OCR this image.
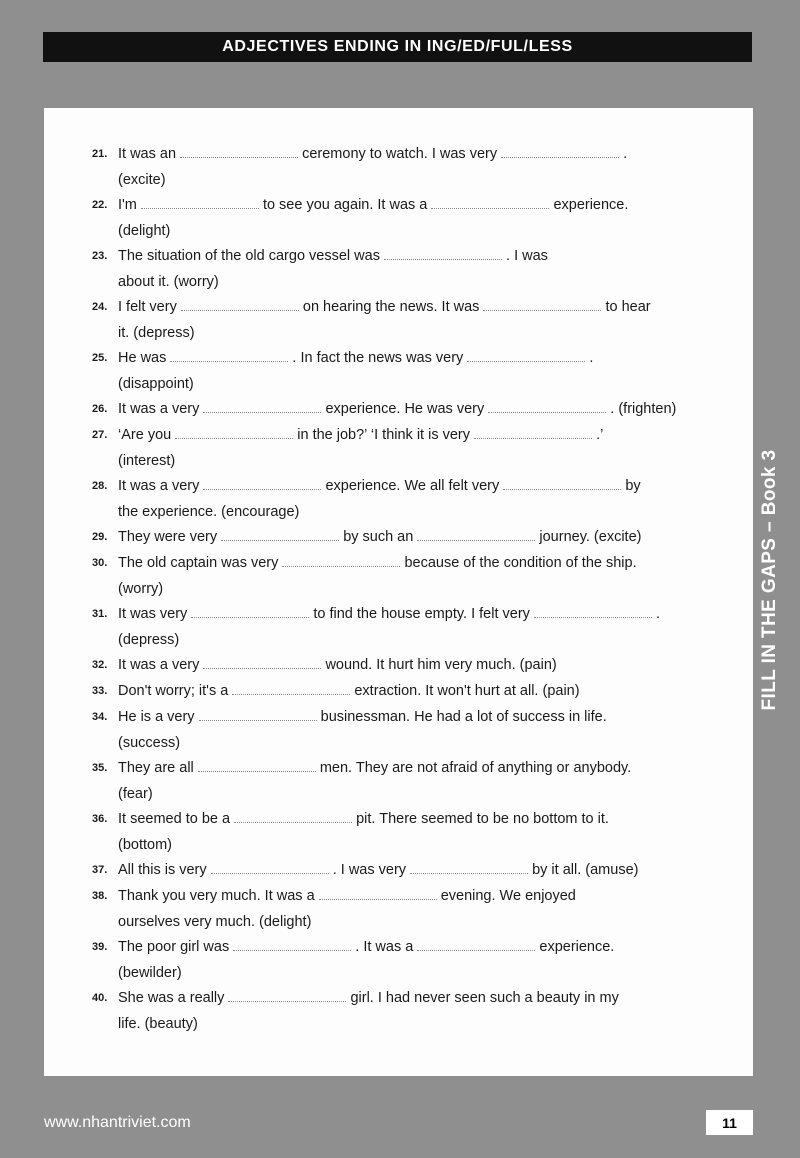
ADJECTIVES ENDING IN ING/ED/FUL/LESS
21. It was an	ceremony to watch. I was very	.
(excite)
22. I'm	to see you again. It was a	experience.
(delight)
23. The situation of the old cargo vessel was	. I was
about it. (worry)
24. I felt very	on hearing the news. It was	to hear
it. (depress)
25. He was	. In fact the news was very	.
(disappoint)
26. It was a very	experience. He was very	. (frighten)
27. ‘Are you	in the job?’ ‘I think it is very	.’
(interest)
28. It was a very	experience. We all felt very	by
the experience. (encourage)
29. They were very	by such an	journey. (excite)
30. The old captain was very	because of the condition of the ship.
(worry)
31. It was very	to find the house empty. I felt very	.
(depress)
32. It was a very	wound. It hurt him very much. (pain)
33. Don't worry; it's a	extraction. It won't hurt at all. (pain)
34. He is a very	businessman. He had a lot of success in life.
(success)
35. They are all	men. They are not afraid of anything or anybody.
(fear)
36. It seemed to be a	pit. There seemed to be no bottom to it.
(bottom)
37. All this is very	. I was very	by it all. (amuse)
38. Thank you very much. It was a	evening. We enjoyed
ourselves very much. (delight)
39. The poor girl was	. It was a	experience.
(bewilder)
40. She was a really	girl. I had never seen such a beauty in my
life. (beauty)
FILL IN THE GAPS – Book 3
www.nhantriviet.com	11
